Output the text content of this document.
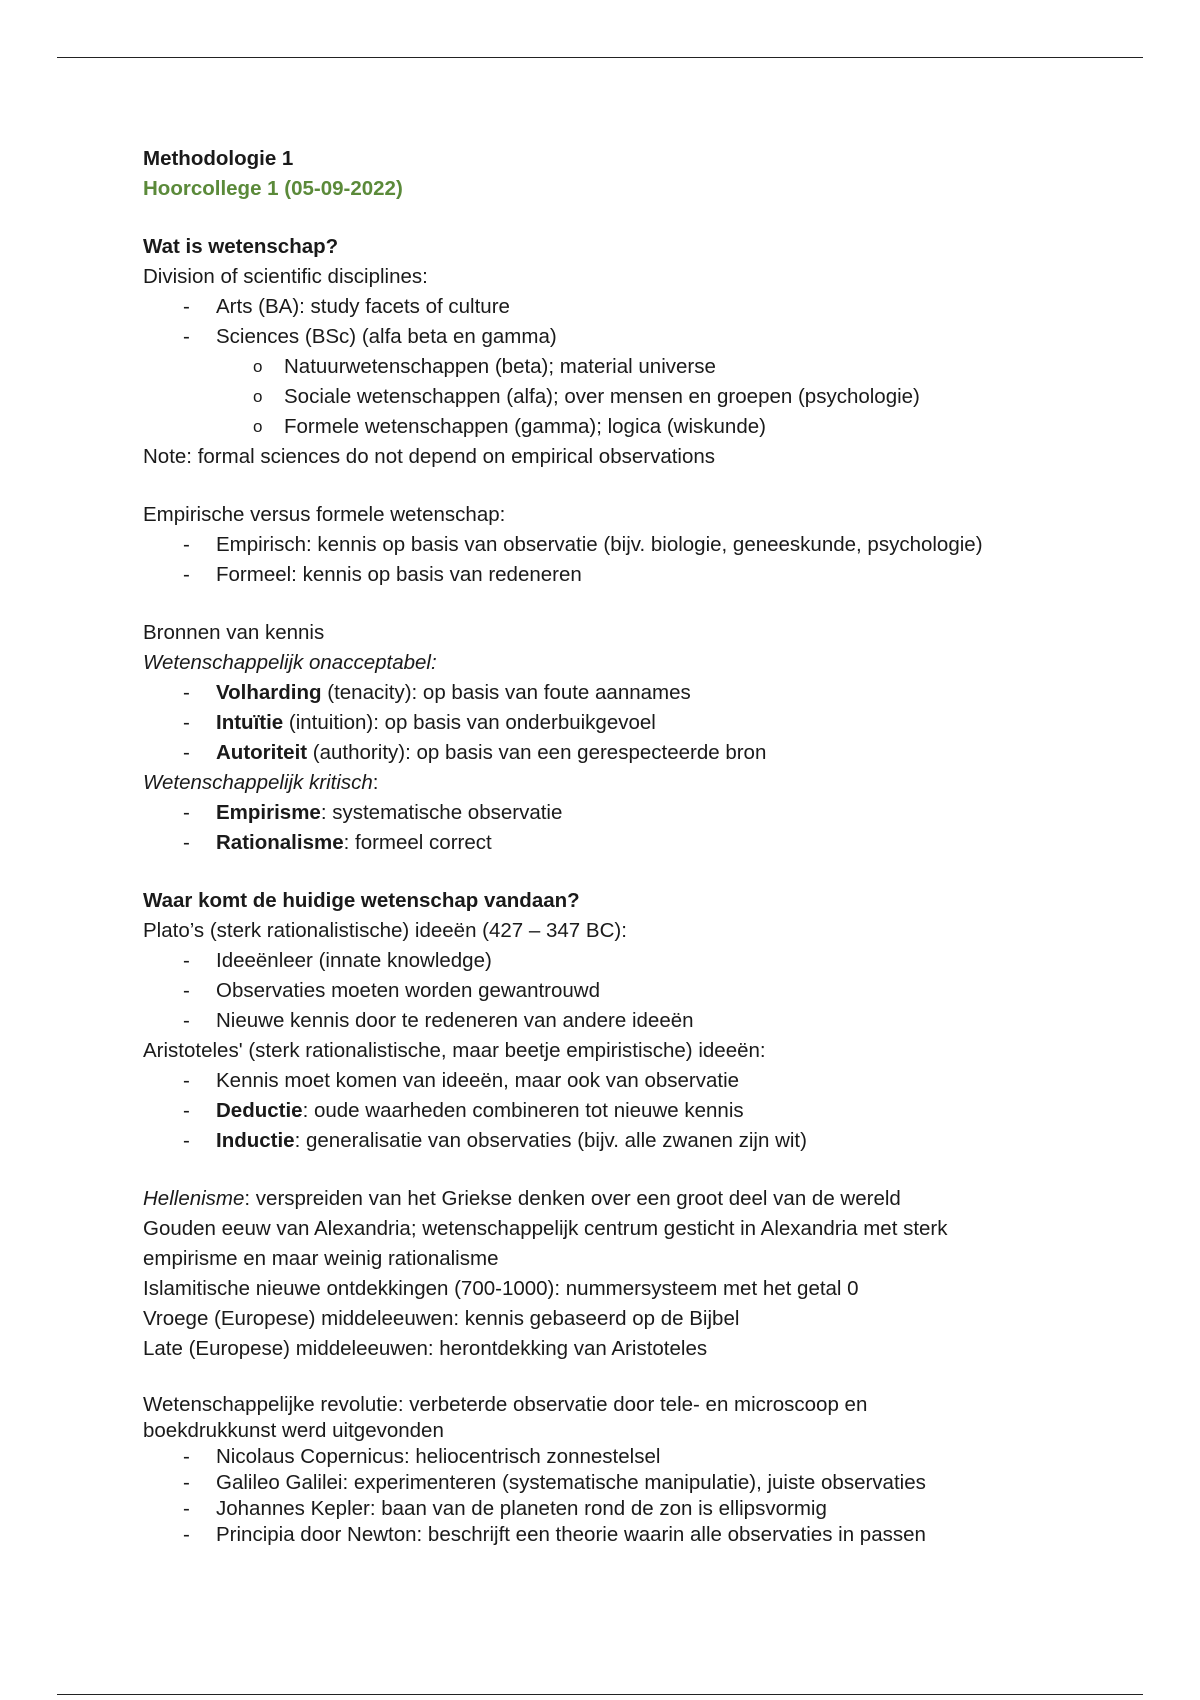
Methodologie 1
Hoorcollege 1 (05-09-2022)
Wat is wetenschap?
Division of scientific disciplines:
-	Arts (BA): study facets of culture
-	Sciences (BSc) (alfa beta en gamma)
o	Natuurwetenschappen (beta); material universe
o	Sociale wetenschappen (alfa); over mensen en groepen (psychologie)
o	Formele wetenschappen (gamma); logica (wiskunde)
Note: formal sciences do not depend on empirical observations
Empirische versus formele wetenschap:
-	Empirisch: kennis op basis van observatie (bijv. biologie, geneeskunde, psychologie)
-	Formeel: kennis op basis van redeneren
Bronnen van kennis
Wetenschappelijk onacceptabel:
-	Volharding (tenacity): op basis van foute aannames
-	Intuïtie (intuition): op basis van onderbuikgevoel
-	Autoriteit (authority): op basis van een gerespecteerde bron
Wetenschappelijk kritisch:
-	Empirisme: systematische observatie
-	Rationalisme: formeel correct
Waar komt de huidige wetenschap vandaan?
Plato’s (sterk rationalistische) ideeën (427 – 347 BC):
-	Ideeënleer (innate knowledge)
-	Observaties moeten worden gewantrouwd
-	Nieuwe kennis door te redeneren van andere ideeën
Aristoteles' (sterk rationalistische, maar beetje empiristische) ideeën:
-	Kennis moet komen van ideeën, maar ook van observatie
-	Deductie: oude waarheden combineren tot nieuwe kennis
-	Inductie: generalisatie van observaties (bijv. alle zwanen zijn wit)
Hellenisme: verspreiden van het Griekse denken over een groot deel van de wereld
Gouden eeuw van Alexandria; wetenschappelijk centrum gesticht in Alexandria met sterk
empirisme en maar weinig rationalisme
Islamitische nieuwe ontdekkingen (700-1000): nummersysteem met het getal 0
Vroege (Europese) middeleeuwen: kennis gebaseerd op de Bijbel
Late (Europese) middeleeuwen: herontdekking van Aristoteles
Wetenschappelijke revolutie: verbeterde observatie door tele- en microscoop en
boekdrukkunst werd uitgevonden
-	Nicolaus Copernicus: heliocentrisch zonnestelsel
-	Galileo Galilei: experimenteren (systematische manipulatie), juiste observaties
-	Johannes Kepler: baan van de planeten rond de zon is ellipsvormig
-	Principia door Newton: beschrijft een theorie waarin alle observaties in passen
